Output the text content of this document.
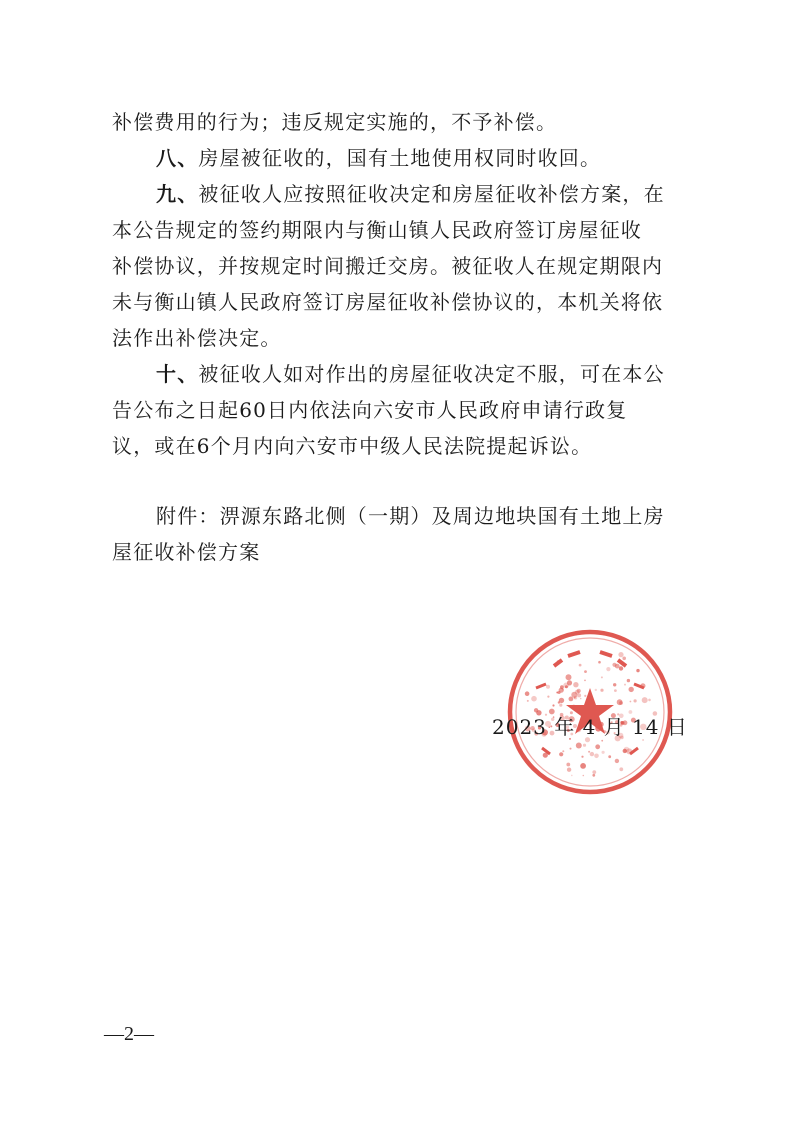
补偿费用的行为；违反规定实施的，不予补偿。
八、房屋被征收的，国有土地使用权同时收回。
九、被征收人应按照征收决定和房屋征收补偿方案，在
本公告规定的签约期限内与衡山镇人民政府签订房屋征收
补偿协议，并按规定时间搬迁交房。被征收人在规定期限内
未与衡山镇人民政府签订房屋征收补偿协议的，本机关将依
法作出补偿决定。
十、被征收人如对作出的房屋征收决定不服，可在本公
告公布之日起60日内依法向六安市人民政府申请行政复
议，或在6个月内向六安市中级人民法院提起诉讼。
附件：淠源东路北侧（一期）及周边地块国有土地上房
屋征收补偿方案
2023 年 4 月 14 日
—2—
